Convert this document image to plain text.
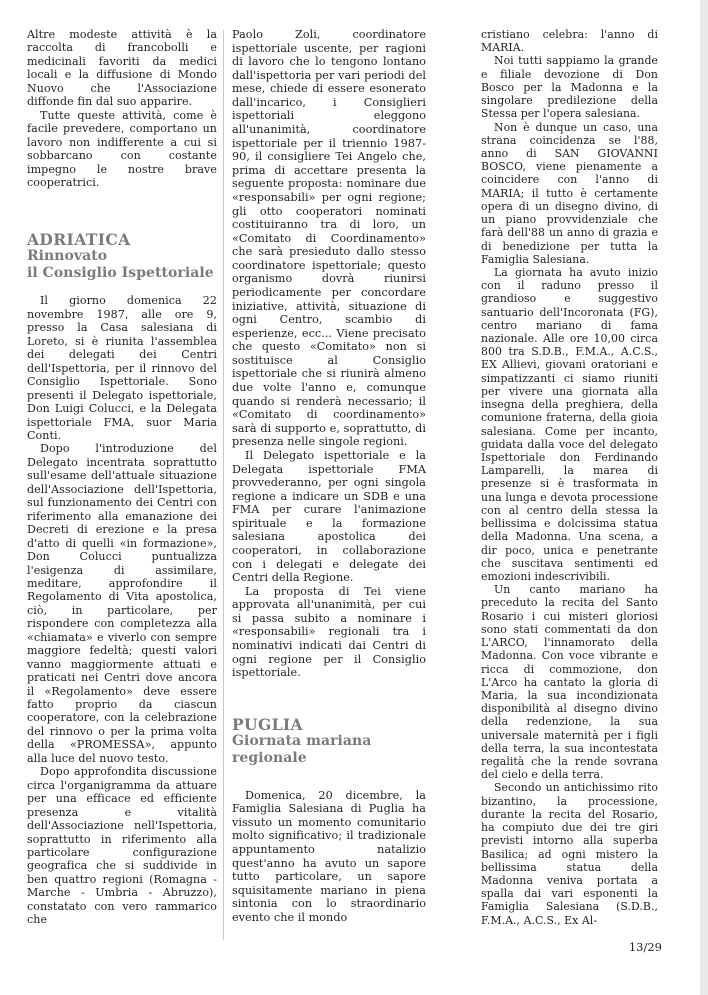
Altre modeste attività è la raccolta di francobolli e medicinali favoriti da medici locali e la diffusione di Mondo Nuovo che l'Associazione diffonde fin dal suo apparire.

Tutte queste attività, come è facile prevedere, comportano un lavoro non indifferente a cui si sobbarcano con costante impegno le nostre brave cooperatrici.

ADRIATICA
Rinnovato
il Consiglio Ispettoriale

Il giorno domenica 22 novembre 1987, alle ore 9, presso la Casa salesiana di Loreto, si è riunita l'assemblea dei delegati dei Centri dell'Ispettoria, per il rinnovo del Consiglio Ispettoriale. Sono presenti il Delegato ispettoriale, Don Luigi Colucci, e la Delegata ispettoriale FMA, suor Maria Conti.

Dopo l'introduzione del Delegato incentrata soprattutto sull'esame dell'attuale situazione dell'Associazione dell'Ispettoria, sul funzionamento dei Centri con riferimento alla emanazione dei Decreti di erezione e la presa d'atto di quelli «in formazione», Don Colucci puntualizza l'esigenza di assimilare, meditare, approfondire il Regolamento di Vita apostolica, ciò, in particolare, per rispondere con completezza alla «chiamata» e viverlo con sempre maggiore fedeltà; questi valori vanno maggiormente attuati e praticati nei Centri dove ancora il «Regolamento» deve essere fatto proprio da ciascun cooperatore, con la celebrazione del rinnovo o per la prima volta della «PROMESSA», appunto alla luce del nuovo testo.

Dopo approfondita discussione circa l'organigramma da attuare per una efficace ed efficiente presenza e vitalità dell'Associazione nell'Ispettoria, soprattutto in riferimento alla particolare configurazione geografica che si suddivide in ben quattro regioni (Romagna - Marche - Umbria - Abruzzo), constatato con vero rammarico che

Paolo Zoli, coordinatore ispettoriale uscente, per ragioni di lavoro che lo tengono lontano dall'ispettoria per vari periodi del mese, chiede di essere esonerato dall'incarico, i Consiglieri ispettoriali eleggono all'unanimità, coordinatore ispettoriale per il triennio 1987-90, il consigliere Tei Angelo che, prima di accettare presenta la seguente proposta: nominare due «responsabili» per ogni regione; gli otto cooperatori nominati costituiranno tra di loro, un «Comitato di Coordinamento» che sarà presieduto dallo stesso coordinatore ispettoriale; questo organismo dovrà riunirsi periodicamente per concordare iniziative, attività, situazione di ogni Centro, scambio di esperienze, ecc... Viene precisato che questo «Comitato» non si sostituisce al Consiglio ispettoriale che si riunirà almeno due volte l'anno e, comunque quando si renderà necessario; il «Comitato di coordinamento» sarà di supporto e, soprattutto, di presenza nelle singole regioni.

Il Delegato ispettoriale e la Delegata ispettoriale FMA provvederanno, per ogni singola regione a indicare un SDB e una FMA per curare l'animazione spirituale e la formazione salesiana apostolica dei cooperatori, in collaborazione con i delegati e delegate dei Centri della Regione.

La proposta di Tei viene approvata all'unanimità, per cui si passa subito a nominare i «responsabili» regionali tra i nominativi indicati dai Centri di ogni regione per il Consiglio ispettoriale.

PUGLIA
Giornata mariana
regionale

Domenica, 20 dicembre, la Famiglia Salesiana di Puglia ha vissuto un momento comunitario molto significativo; il tradizionale appuntamento natalizio quest'anno ha avuto un sapore tutto particolare, un sapore squisitamente mariano in piena sintonia con lo straordinario evento che il mondo

cristiano celebra: l'anno di MARIA.

Noi tutti sappiamo la grande e filiale devozione di Don Bosco per la Madonna e la singolare predilezione della Stessa per l'opera salesiana.

Non è dunque un caso, una strana coincidenza se l'88, anno di SAN GIOVANNI BOSCO, viene pienamente a coincidere con l'anno di MARIA; il tutto è certamente opera di un disegno divino, di un piano provvidenziale che farà dell'88 un anno di grazia e di benedizione per tutta la Famiglia Salesiana.

La giornata ha avuto inizio con il raduno presso il grandioso e suggestivo santuario dell'Incoronata (FG), centro mariano di fama nazionale. Alle ore 10,00 circa 800 tra S.D.B., F.M.A., A.C.S., EX Allievi, giovani oratoriani e simpatizzanti ci siamo riuniti per vivere una giornata alla insegna della preghiera, della comunione fraterna, della gioia salesiana. Come per incanto, guidata dalla voce del delegato Ispettoriale don Ferdinando Lamparelli, la marea di presenze si è trasformata in una lunga e devota processione con al centro della stessa la bellissima e dolcissima statua della Madonna. Una scena, a dir poco, unica e penetrante che suscitava sentimenti ed emozioni indescrivibili.

Un canto mariano ha preceduto la recita del Santo Rosario i cui misteri gloriosi sono stati commentati da don L'ARCO, l'innamorato della Madonna. Con voce vibrante e ricca di commozione, don L'Arco ha cantato la gloria di Maria, la sua incondizionata disponibilità al disegno divino della redenzione, la sua universale maternità per i figli della terra, la sua incontestata regalità che la rende sovrana del cielo e della terra.

Secondo un antichissimo rito bizantino, la processione, durante la recita del Rosario, ha compiuto due dei tre giri previsti intorno alla superba Basilica; ad ogni mistero la bellissima statua della Madonna veniva portata a spalla dai vari esponenti la Famiglia Salesiana (S.D.B., F.M.A., A.C.S., Ex Al-

13/29
